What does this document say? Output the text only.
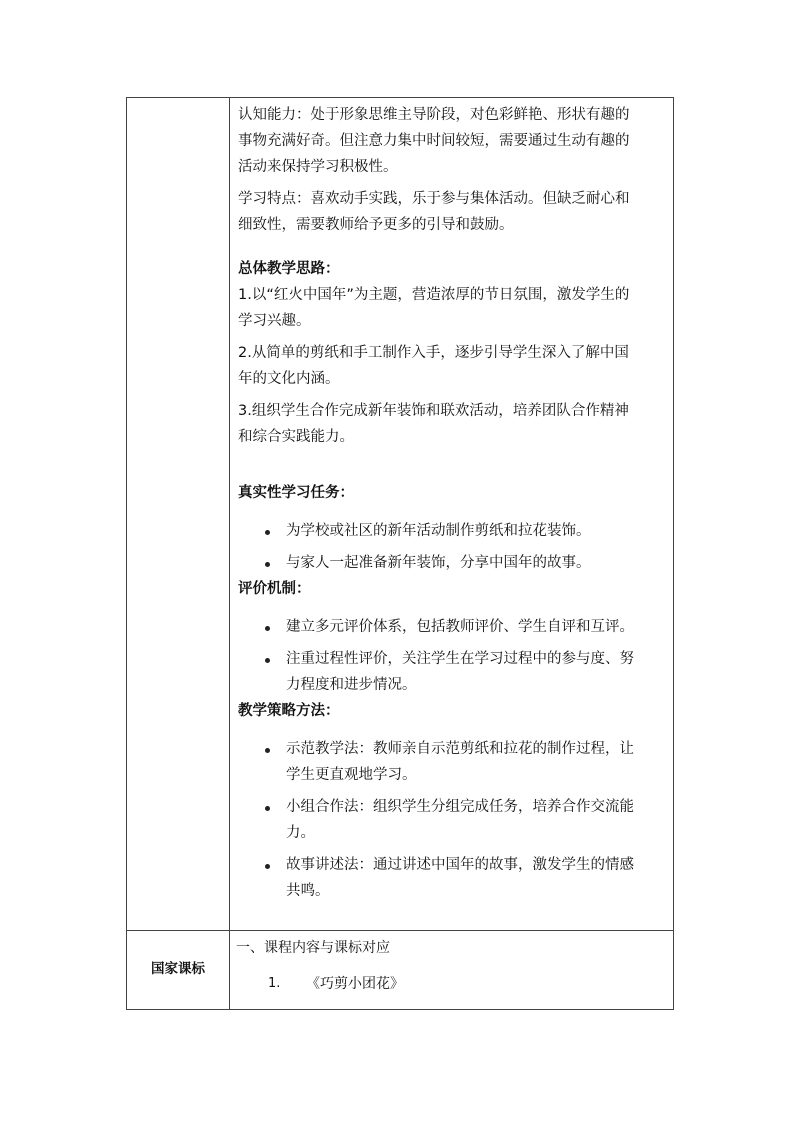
认知能力：处于形象思维主导阶段，对色彩鲜艳、形状有趣的
事物充满好奇。但注意力集中时间较短，需要通过生动有趣的
活动来保持学习积极性。
学习特点：喜欢动手实践，乐于参与集体活动。但缺乏耐心和
细致性，需要教师给予更多的引导和鼓励。
总体教学思路：
1.以“红火中国年”为主题，营造浓厚的节日氛围，激发学生的
学习兴趣。
2.从简单的剪纸和手工制作入手，逐步引导学生深入了解中国
年的文化内涵。
3.组织学生合作完成新年装饰和联欢活动，培养团队合作精神
和综合实践能力。
真实性学习任务：
为学校或社区的新年活动制作剪纸和拉花装饰。
与家人一起准备新年装饰，分享中国年的故事。
评价机制：
建立多元评价体系，包括教师评价、学生自评和互评。
注重过程性评价，关注学生在学习过程中的参与度、努
力程度和进步情况。
教学策略方法：
示范教学法：教师亲自示范剪纸和拉花的制作过程，让
学生更直观地学习。
小组合作法：组织学生分组完成任务，培养合作交流能
力。
故事讲述法：通过讲述中国年的故事，激发学生的情感
共鸣。
国家课标
一、课程内容与课标对应
1. 《巧剪小团花》
